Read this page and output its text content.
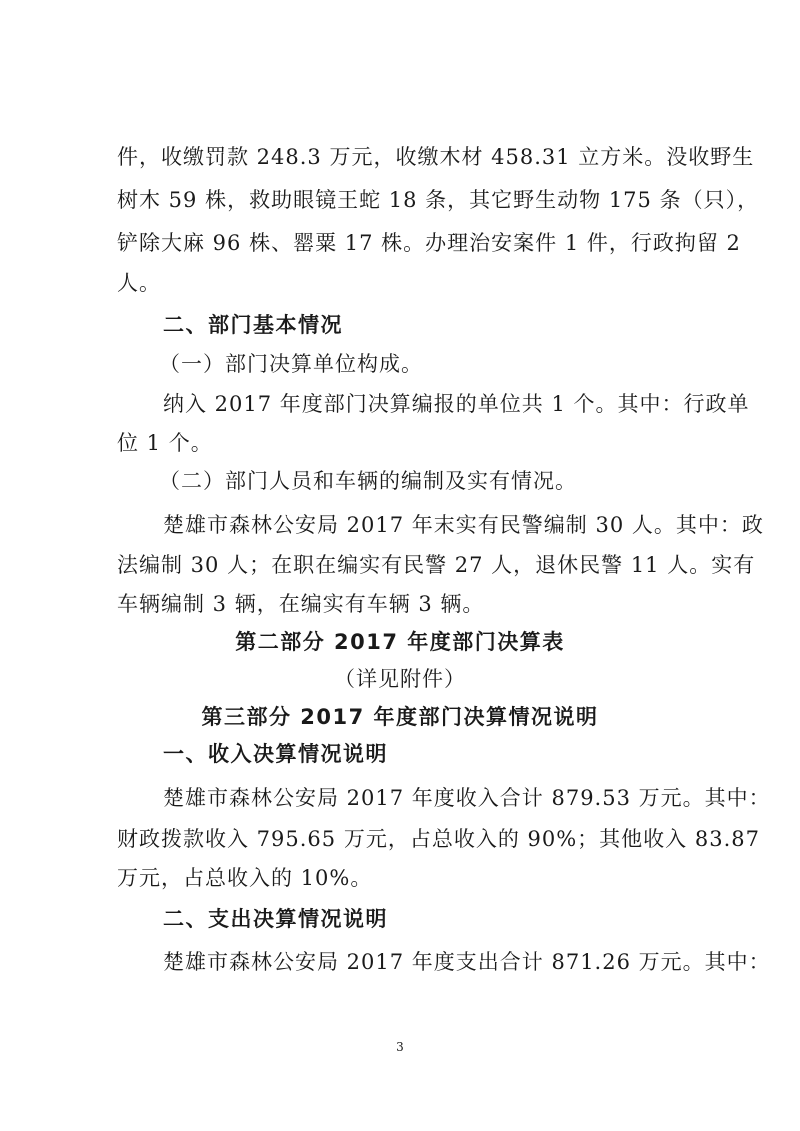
件，收缴罚款 248.3 万元，收缴木材 458.31 立方米。没收野生
树木 59 株，救助眼镜王蛇 18 条，其它野生动物 175 条（只），
铲除大麻 96 株、罂粟 17 株。办理治安案件 1 件，行政拘留 2
人。
二、部门基本情况
（一）部门决算单位构成。
纳入 2017 年度部门决算编报的单位共 1 个。其中：行政单
位 1 个。
（二）部门人员和车辆的编制及实有情况。
楚雄市森林公安局 2017 年末实有民警编制 30 人。其中：政
法编制 30 人；在职在编实有民警 27 人，退休民警 11 人。实有
车辆编制 3 辆，在编实有车辆 3 辆。
第二部分 2017 年度部门决算表
（详见附件）
第三部分 2017 年度部门决算情况说明
一、收入决算情况说明
楚雄市森林公安局 2017 年度收入合计 879.53 万元。其中：
财政拨款收入 795.65 万元，占总收入的 90%；其他收入 83.87
万元，占总收入的 10%。
二、支出决算情况说明
楚雄市森林公安局 2017 年度支出合计 871.26 万元。其中：
3
